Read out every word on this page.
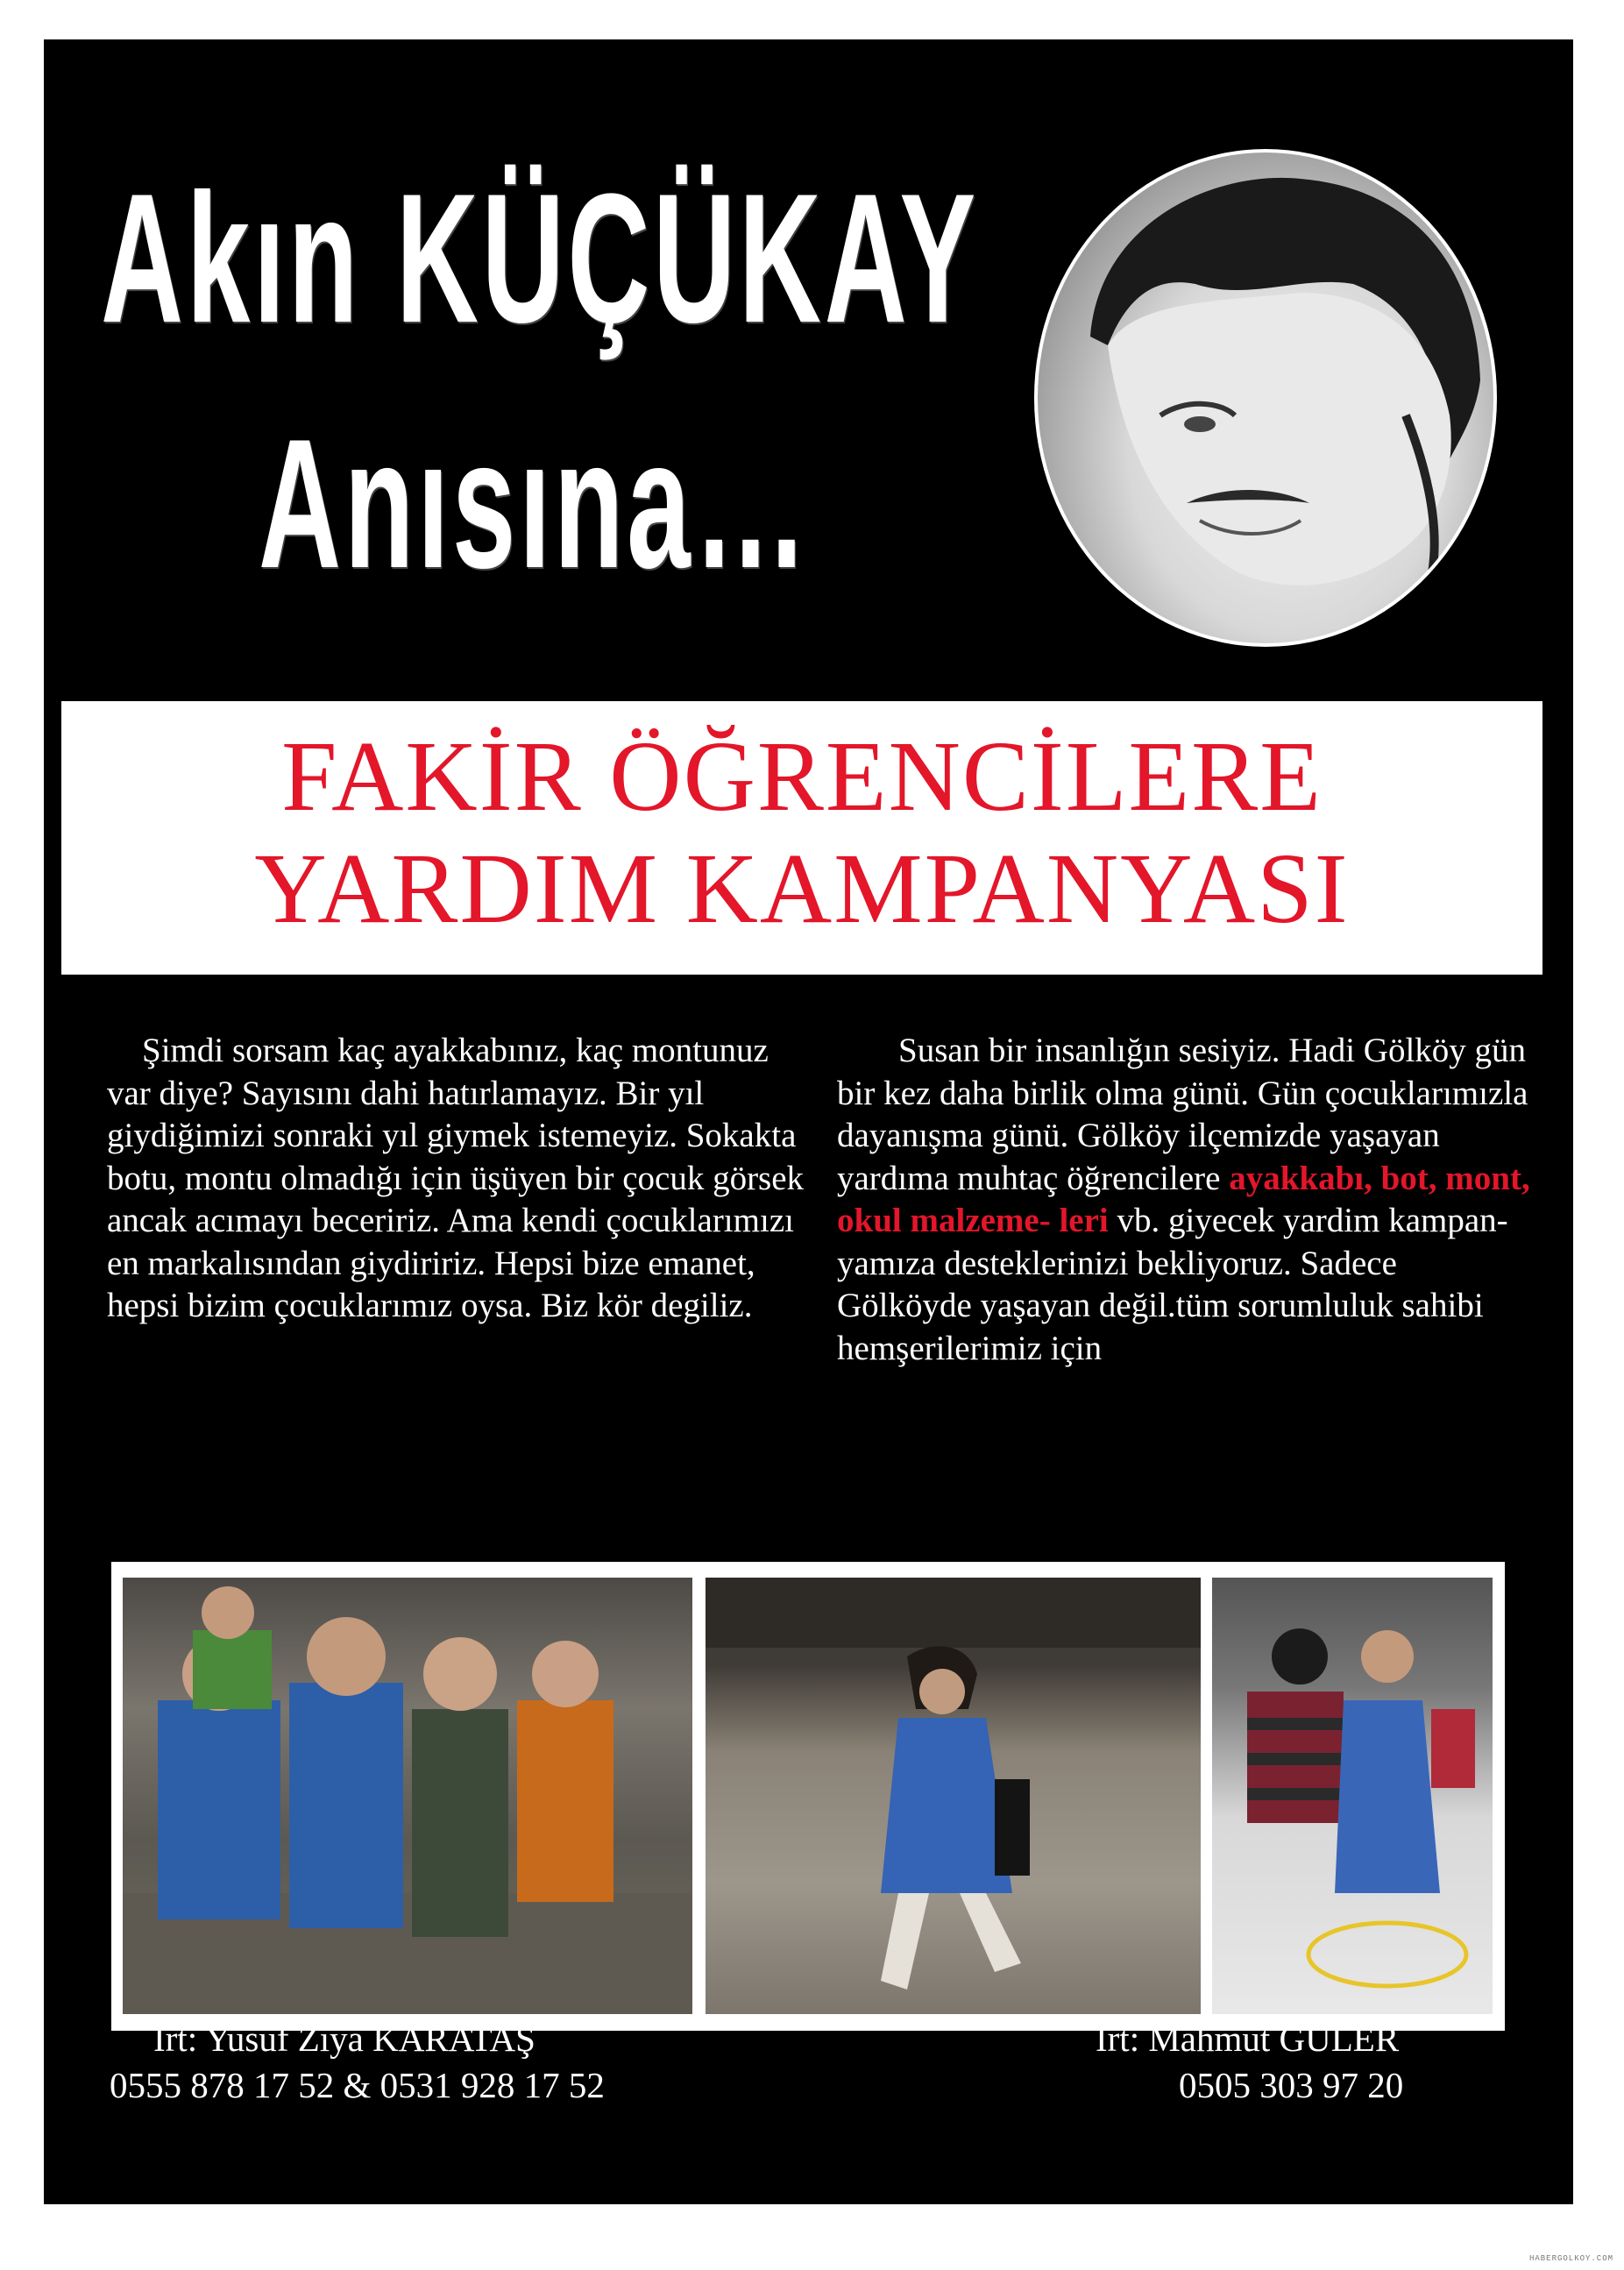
Akın KÜÇÜKAY
Anısına…
FAKİR ÖĞRENCİLERE
YARDIM KAMPANYASI

Şimdi sorsam kaç ayakkabınız, kaç montunuz var diye? Sayısını dahi hatırlamayız. Bir yıl giydiğimizi sonraki yıl giymek istemeyiz. Sokakta botu, montu olmadığı için üşüyen bir çocuk görsek ancak acımayı beceririz. Ama kendi çocuklarımızı en markalısından giydiririz. Hepsi bize emanet, hepsi bizim çocuklarımız oysa. Biz kör degiliz.

Susan bir insanlığın sesiyiz. Hadi Gölköy gün bir kez daha birlik olma günü. Gün çocuklarımızla dayanışma günü. Gölköy ilçemizde yaşayan yardıma muhtaç öğrencilere ayakkabı, bot, mont, okul malzeme- leri vb. giyecek yardim kampan- yamıza desteklerinizi bekliyoruz. Sadece Gölköyde yaşayan değil.tüm sorumluluk sahibi hemşerilerimiz için

İrt: Yusuf Ziya KARATAŞ
0555 878 17 52 & 0531 928 17 52
İrt: Mahmut GÜLER
0505 303 97 20
HABERGOLKOY.COM
